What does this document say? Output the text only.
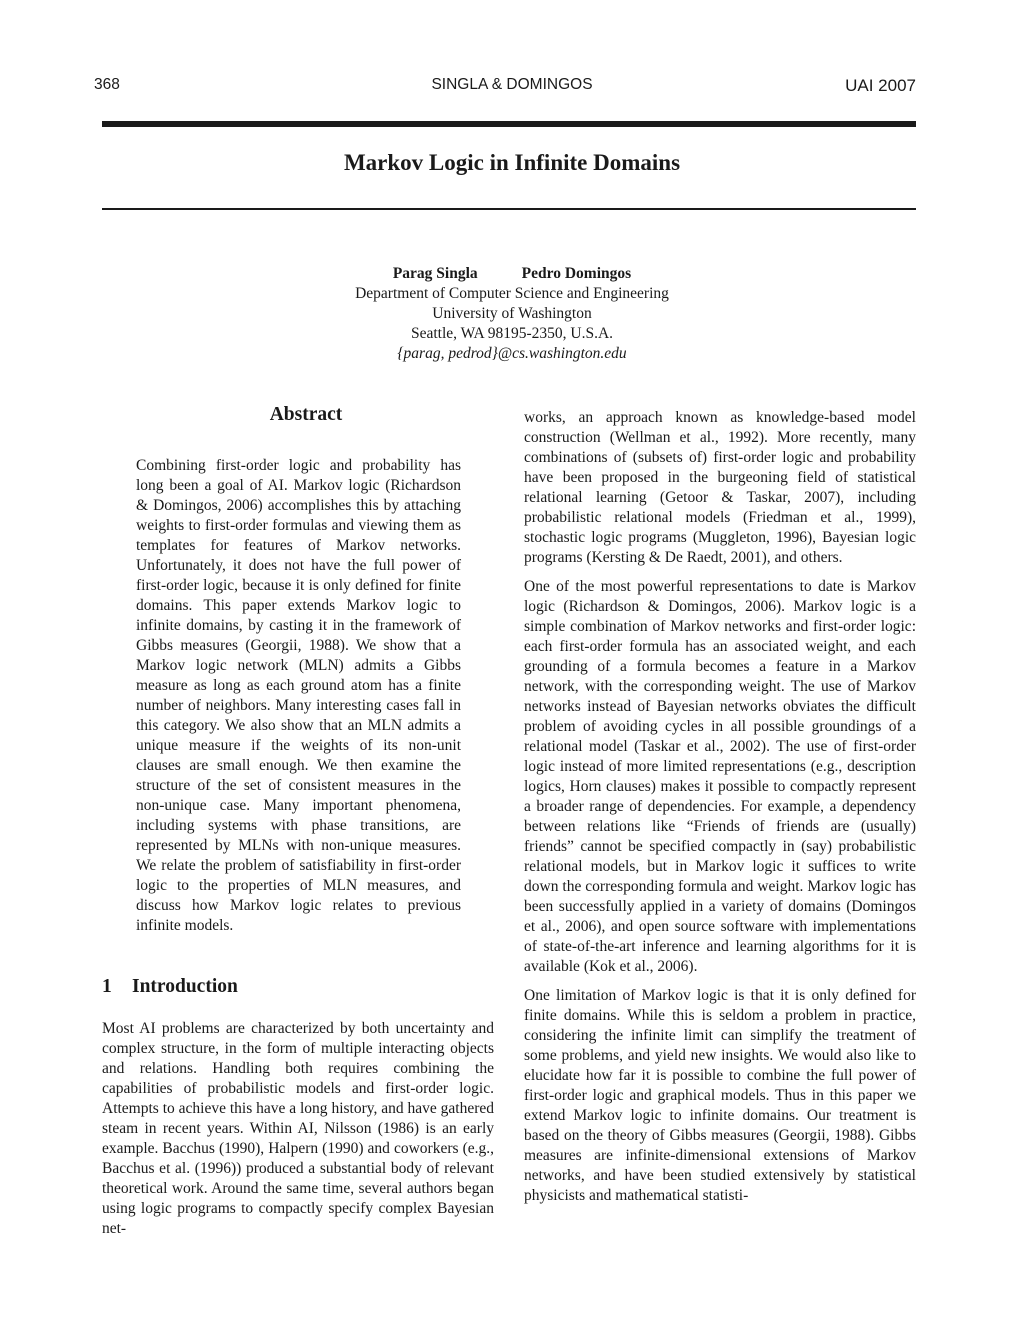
368	SINGLA & DOMINGOS	UAI 2007
Markov Logic in Infinite Domains
Parag Singla	Pedro Domingos
Department of Computer Science and Engineering
University of Washington
Seattle, WA 98195-2350, U.S.A.
{parag, pedrod}@cs.washington.edu
Abstract

Combining first-order logic and probability has long been a goal of AI. Markov logic (Richardson & Domingos, 2006) accomplishes this by attaching weights to first-order formulas and viewing them as templates for features of Markov networks. Unfortunately, it does not have the full power of first-order logic, because it is only defined for finite domains. This paper extends Markov logic to infinite domains, by casting it in the framework of Gibbs measures (Georgii, 1988). We show that a Markov logic network (MLN) admits a Gibbs measure as long as each ground atom has a finite number of neighbors. Many interesting cases fall in this category. We also show that an MLN admits a unique measure if the weights of its non-unit clauses are small enough. We then examine the structure of the set of consistent measures in the non-unique case. Many important phenomena, including systems with phase transitions, are represented by MLNs with non-unique measures. We relate the problem of satisfiability in first-order logic to the properties of MLN measures, and discuss how Markov logic relates to previous infinite models.

1 Introduction

Most AI problems are characterized by both uncertainty and complex structure, in the form of multiple interacting objects and relations. Handling both requires combining the capabilities of probabilistic models and first-order logic. Attempts to achieve this have a long history, and have gathered steam in recent years. Within AI, Nilsson (1986) is an early example. Bacchus (1990), Halpern (1990) and coworkers (e.g., Bacchus et al. (1996)) produced a substantial body of relevant theoretical work. Around the same time, several authors began using logic programs to compactly specify complex Bayesian net-

works, an approach known as knowledge-based model construction (Wellman et al., 1992). More recently, many combinations of (subsets of) first-order logic and probability have been proposed in the burgeoning field of statistical relational learning (Getoor & Taskar, 2007), including probabilistic relational models (Friedman et al., 1999), stochastic logic programs (Muggleton, 1996), Bayesian logic programs (Kersting & De Raedt, 2001), and others.

One of the most powerful representations to date is Markov logic (Richardson & Domingos, 2006). Markov logic is a simple combination of Markov networks and first-order logic: each first-order formula has an associated weight, and each grounding of a formula becomes a feature in a Markov network, with the corresponding weight. The use of Markov networks instead of Bayesian networks obviates the difficult problem of avoiding cycles in all possible groundings of a relational model (Taskar et al., 2002). The use of first-order logic instead of more limited representations (e.g., description logics, Horn clauses) makes it possible to compactly represent a broader range of dependencies. For example, a dependency between relations like “Friends of friends are (usually) friends” cannot be specified compactly in (say) probabilistic relational models, but in Markov logic it suffices to write down the corresponding formula and weight. Markov logic has been successfully applied in a variety of domains (Domingos et al., 2006), and open source software with implementations of state-of-the-art inference and learning algorithms for it is available (Kok et al., 2006).

One limitation of Markov logic is that it is only defined for finite domains. While this is seldom a problem in practice, considering the infinite limit can simplify the treatment of some problems, and yield new insights. We would also like to elucidate how far it is possible to combine the full power of first-order logic and graphical models. Thus in this paper we extend Markov logic to infinite domains. Our treatment is based on the theory of Gibbs measures (Georgii, 1988). Gibbs measures are infinite-dimensional extensions of Markov networks, and have been studied extensively by statistical physicists and mathematical statisti-
